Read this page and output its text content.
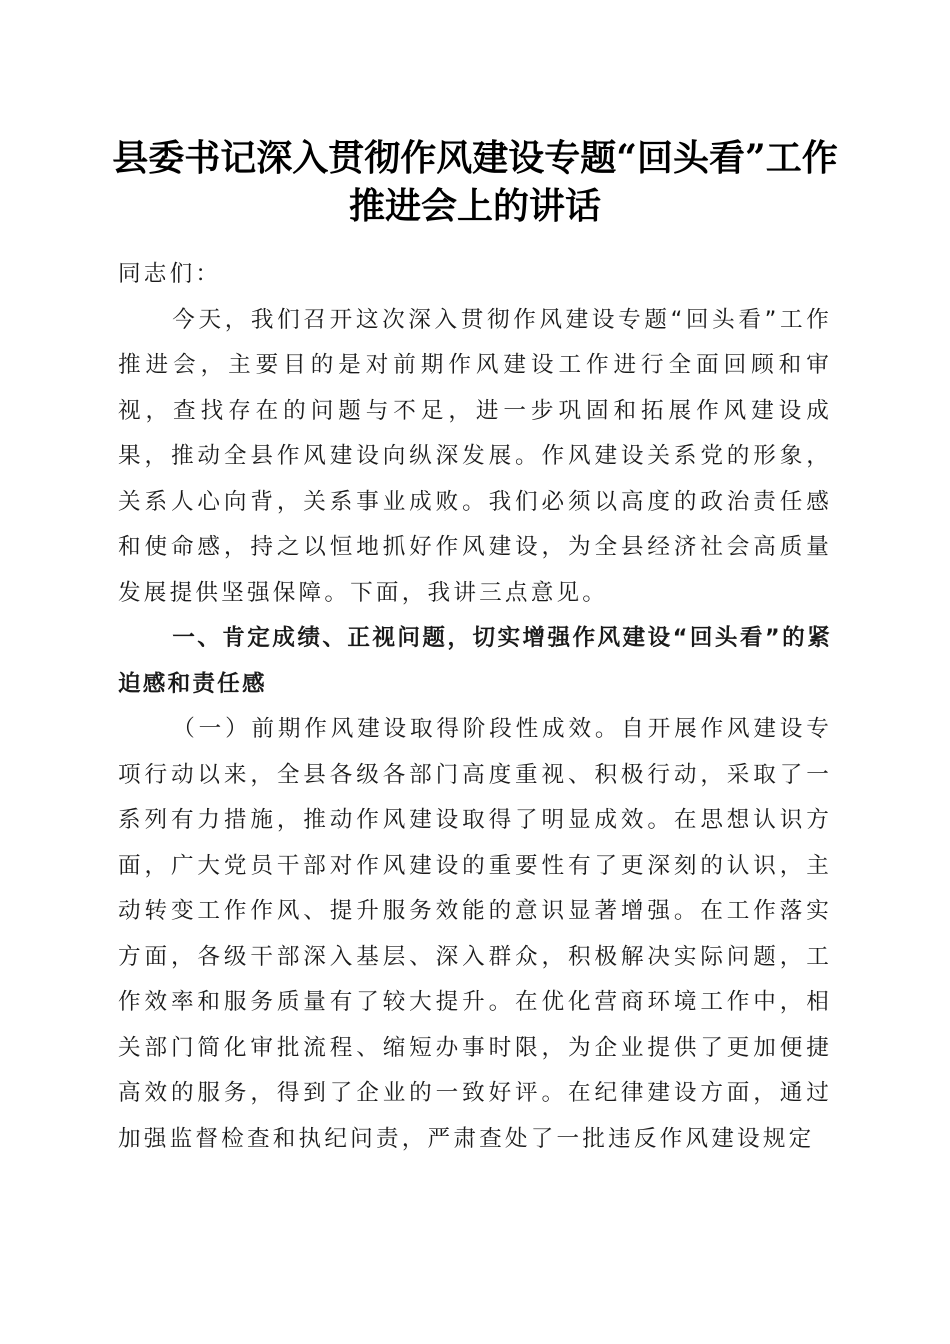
县委书记深入贯彻作风建设专题“回头看”工作推进会上的讲话

同志们：

今天，我们召开这次深入贯彻作风建设专题“回头看”工作推进会，主要目的是对前期作风建设工作进行全面回顾和审视，查找存在的问题与不足，进一步巩固和拓展作风建设成果，推动全县作风建设向纵深发展。作风建设关系党的形象，关系人心向背，关系事业成败。我们必须以高度的政治责任感和使命感，持之以恒地抓好作风建设，为全县经济社会高质量发展提供坚强保障。下面，我讲三点意见。

一、肯定成绩、正视问题，切实增强作风建设“回头看”的紧迫感和责任感

（一）前期作风建设取得阶段性成效。自开展作风建设专项行动以来，全县各级各部门高度重视、积极行动，采取了一系列有力措施，推动作风建设取得了明显成效。在思想认识方面，广大党员干部对作风建设的重要性有了更深刻的认识，主动转变工作作风、提升服务效能的意识显著增强。在工作落实方面，各级干部深入基层、深入群众，积极解决实际问题，工作效率和服务质量有了较大提升。在优化营商环境工作中，相关部门简化审批流程、缩短办事时限，为企业提供了更加便捷高效的服务，得到了企业的一致好评。在纪律建设方面，通过加强监督检查和执纪问责，严肃查处了一批违反作风建设规定
